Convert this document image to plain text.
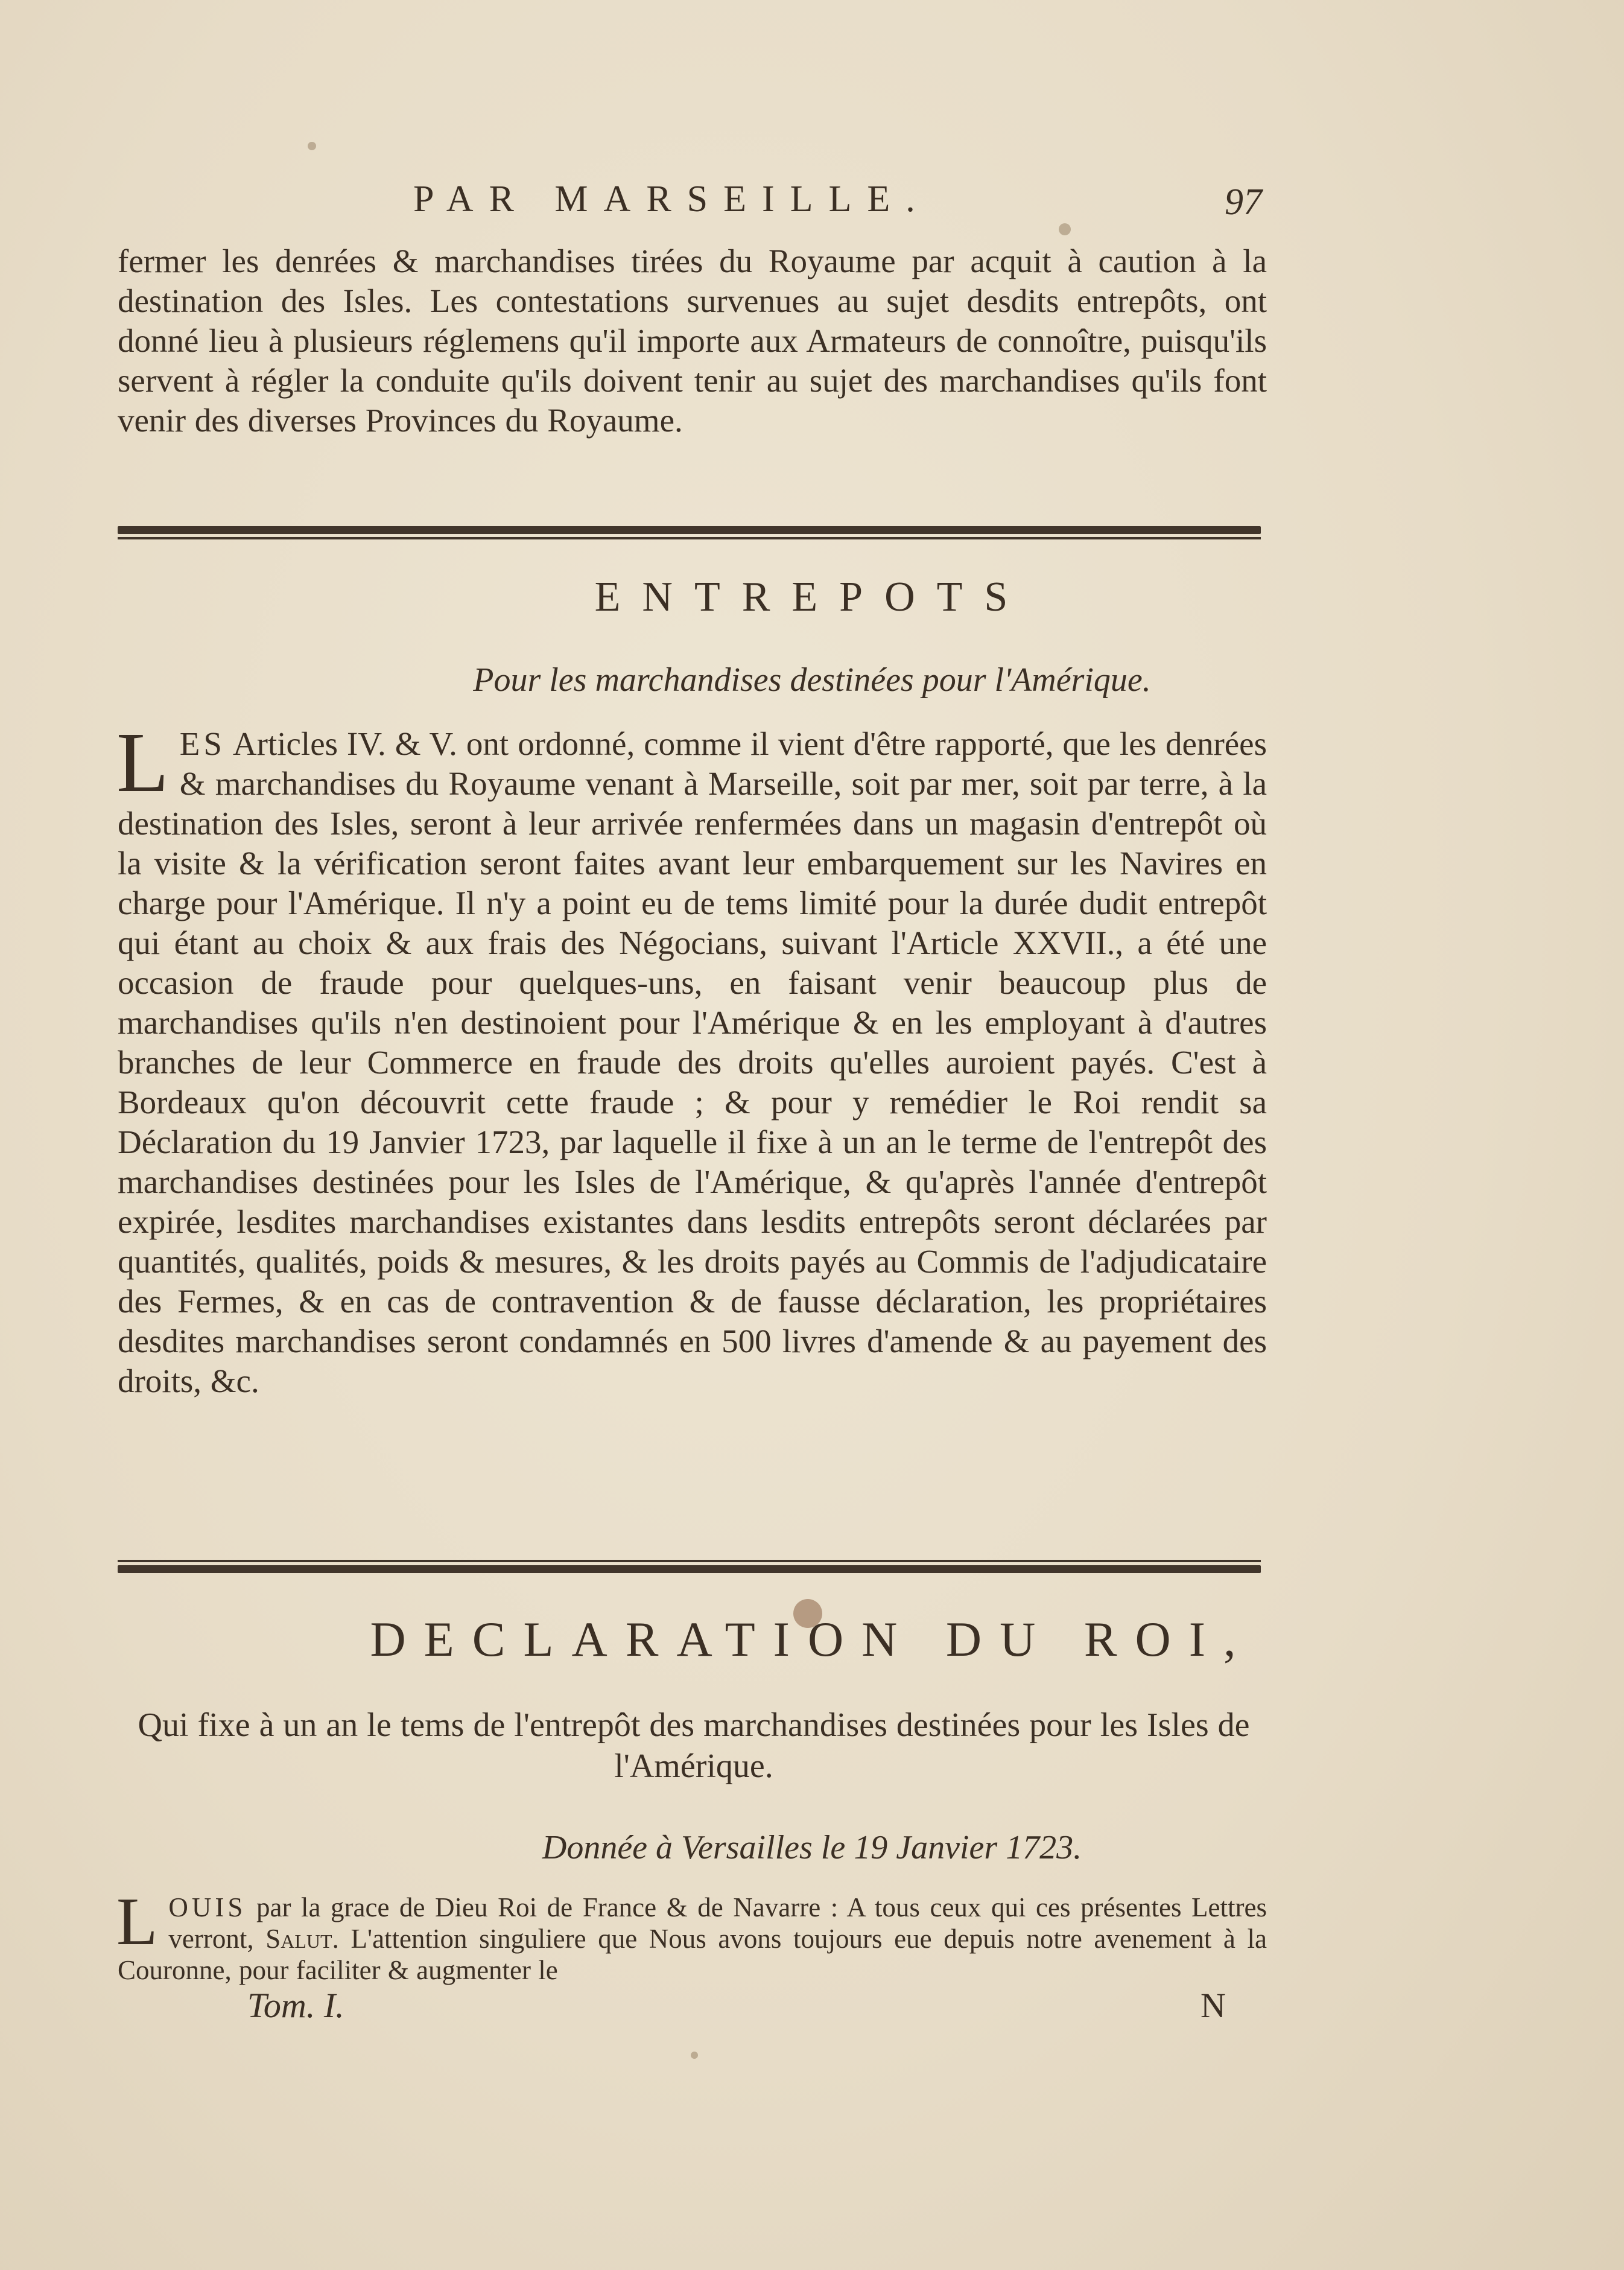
PAR MARSEILLE.	97

fermer les denrées & marchandises tirées du Royaume par acquit à caution à la destination des Isles. Les contestations survenues au sujet desdits entrepôts, ont donné lieu à plusieurs réglemens qu'il importe aux Armateurs de connoître, puisqu'ils servent à régler la conduite qu'ils doivent tenir au sujet des marchandises qu'ils font venir des diverses Provinces du Royaume.

ENTREPOTS
Pour les marchandises destinées pour l'Amérique.

LES Articles IV. & V. ont ordonné, comme il vient d'être rapporté, que les denrées & marchandises du Royaume venant à Marseille, soit par mer, soit par terre, à la destination des Isles, seront à leur arrivée renfermées dans un magasin d'entrepôt où la visite & la vérification seront faites avant leur embarquement sur les Navires en charge pour l'Amérique. Il n'y a point eu de tems limité pour la durée dudit entrepôt qui étant au choix & aux frais des Négocians, suivant l'Article XXVII., a été une occasion de fraude pour quelques-uns, en faisant venir beaucoup plus de marchandises qu'ils n'en destinoient pour l'Amérique & en les employant à d'autres branches de leur Commerce en fraude des droits qu'elles auroient payés. C'est à Bordeaux qu'on découvrit cette fraude ; & pour y remédier le Roi rendit sa Déclaration du 19 Janvier 1723, par laquelle il fixe à un an le terme de l'entrepôt des marchandises destinées pour les Isles de l'Amérique, & qu'après l'année d'entrepôt expirée, lesdites marchandises existantes dans lesdits entrepôts seront déclarées par quantités, qualités, poids & mesures, & les droits payés au Commis de l'adjudicataire des Fermes, & en cas de contravention & de fausse déclaration, les propriétaires desdites marchandises seront condamnés en 500 livres d'amende & au payement des droits, &c.

DECLARATION DU ROI,

Qui fixe à un an le tems de l'entrepôt des marchandises destinées pour les Isles de l'Amérique.

Donnée à Versailles le 19 Janvier 1723.

LOUIS par la grace de Dieu Roi de France & de Navarre : A tous ceux qui ces présentes Lettres verront, Salut. L'attention singuliere que Nous avons toujours eue depuis notre avenement à la Couronne, pour faciliter & augmenter le

Tom. I.	N
